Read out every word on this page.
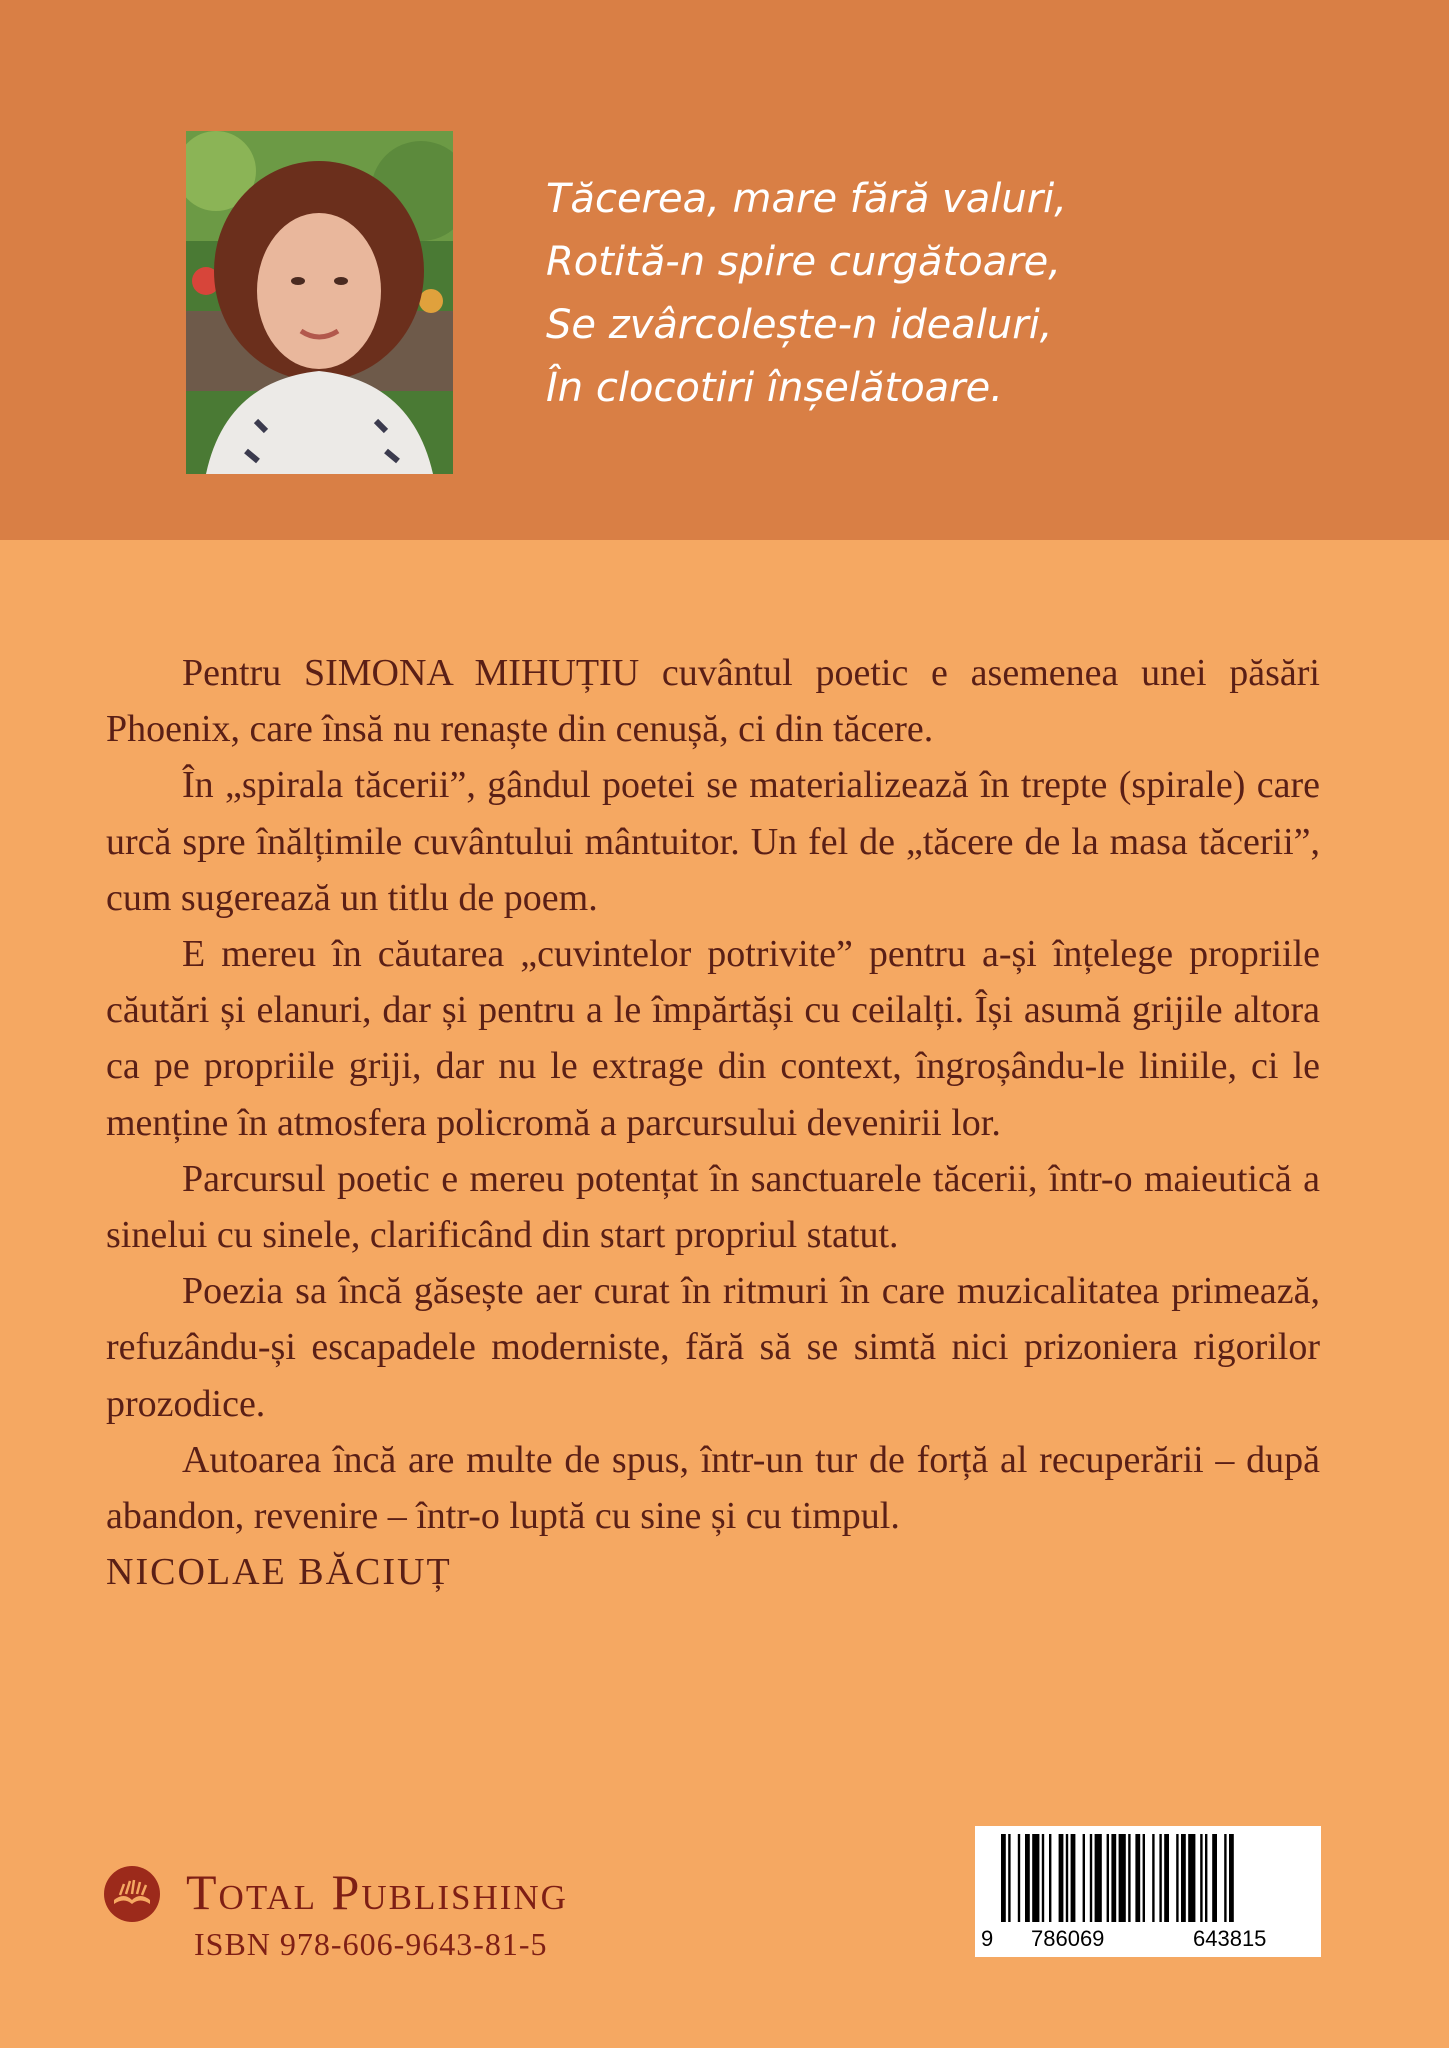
Tăcerea, mare fără valuri,
Rotită-n spire curgătoare,
Se zvârcolește-n idealuri,
În clocotiri înșelătoare.

Pentru SIMONA MIHUȚIU cuvântul poetic e asemenea unei păsări Phoenix, care însă nu renaște din cenușă, ci din tăcere.

În „spirala tăcerii”, gândul poetei se materializează în trepte (spirale) care urcă spre înălțimile cuvântului mântuitor. Un fel de „tăcere de la masa tăcerii”, cum sugerează un titlu de poem.

E mereu în căutarea „cuvintelor potrivite” pentru a-și înțelege propriile căutări și elanuri, dar și pentru a le împărtăși cu ceilalți. Își asumă grijile altora ca pe propriile griji, dar nu le extrage din context, îngroșându-le liniile, ci le menține în atmosfera policromă a parcursului devenirii lor.

Parcursul poetic e mereu potențat în sanctuarele tăcerii, într-o maieutică a sinelui cu sinele, clarificând din start propriul statut.

Poezia sa încă găsește aer curat în ritmuri în care muzicalitatea primează, refuzându-și escapadele moderniste, fără să se simtă nici prizoniera rigorilor prozodice.

Autoarea încă are multe de spus, într-un tur de forță al recuperării – după abandon, revenire – într-o luptă cu sine și cu timpul.

NICOLAE BĂCIUȚ

Total Publishing
ISBN 978-606-9643-81-5	9 786069	643815
